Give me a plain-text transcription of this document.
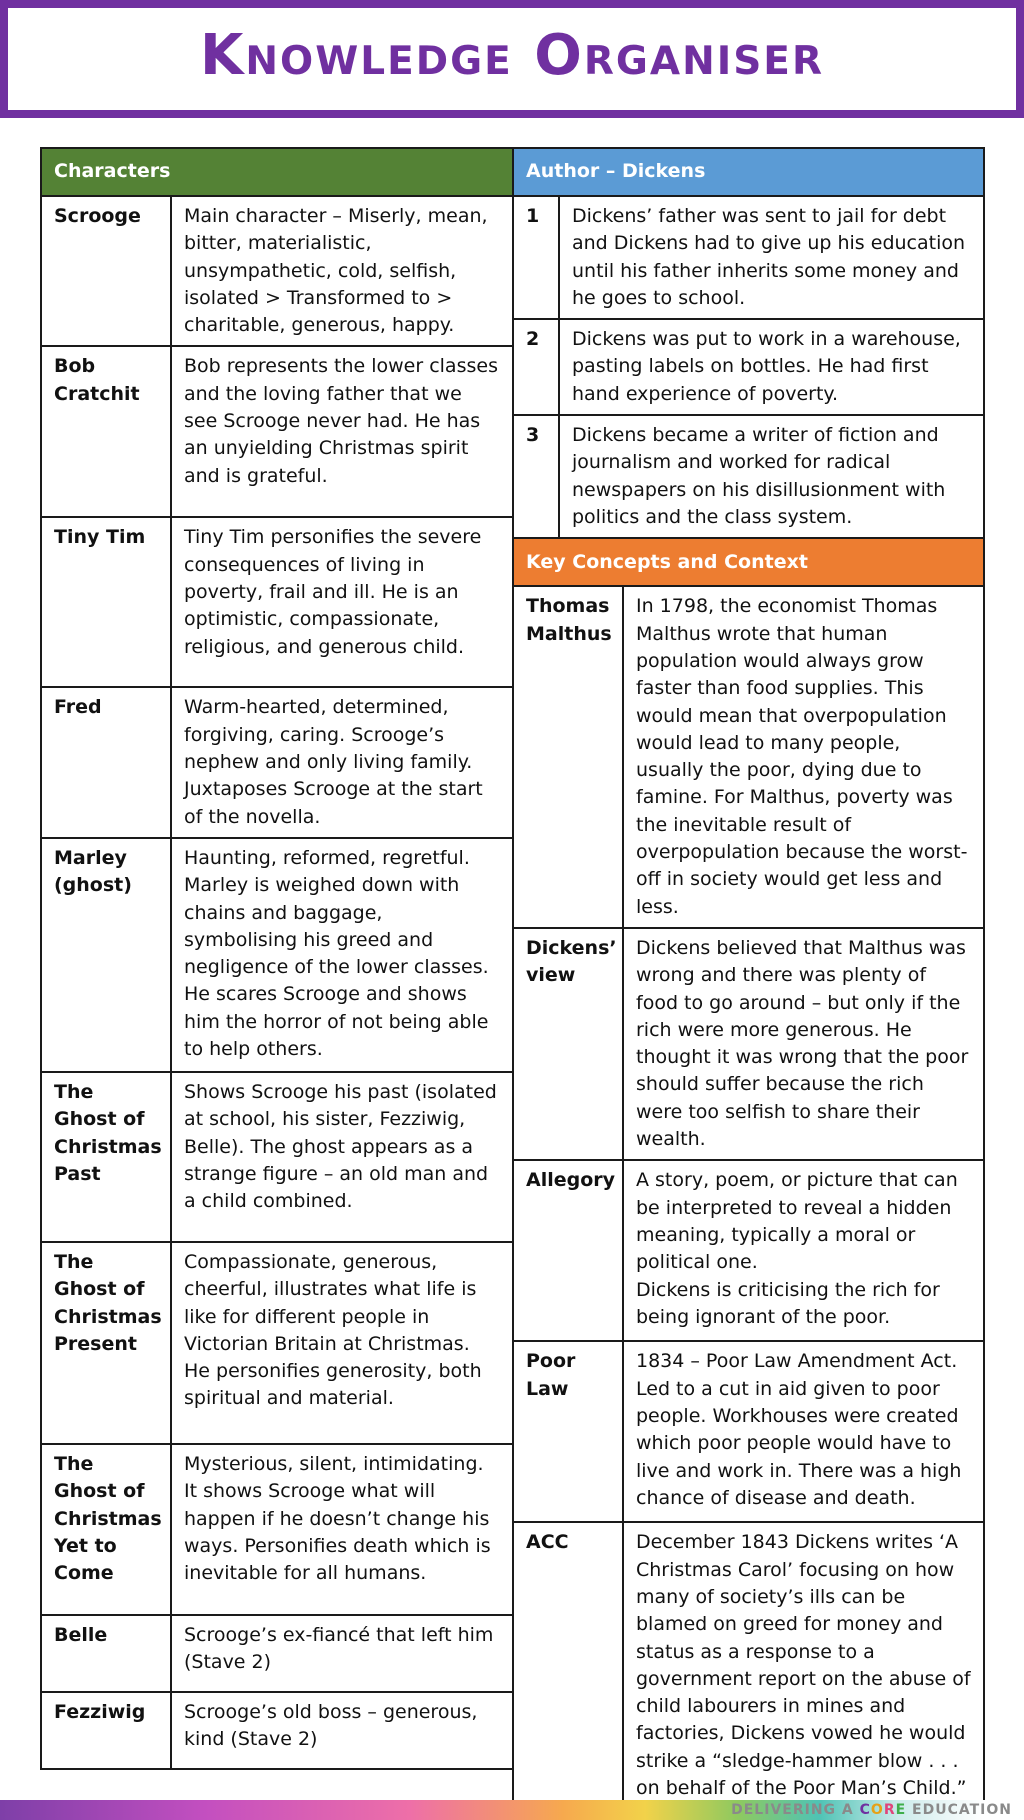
Knowledge Organiser
Characters	
Scrooge	Main character – Miserly, mean, bitter, materialistic, unsympathetic, cold, selfish, isolated > Transformed to > charitable, generous, happy.
Bob Cratchit	Bob represents the lower classes and the loving father that we see Scrooge never had. He has an unyielding Christmas spirit and is grateful.
Tiny Tim	Tiny Tim personifies the severe consequences of living in poverty, frail and ill. He is an optimistic, compassionate, religious, and generous child.
Fred	Warm-hearted, determined, forgiving, caring. Scrooge’s nephew and only living family. Juxtaposes Scrooge at the start of the novella.
Marley (ghost)	Haunting, reformed, regretful. Marley is weighed down with chains and baggage, symbolising his greed and negligence of the lower classes. He scares Scrooge and shows him the horror of not being able to help others.
The Ghost of Christmas Past	Shows Scrooge his past (isolated at school, his sister, Fezziwig, Belle). The ghost appears as a strange figure – an old man and a child combined.
The Ghost of Christmas Present	Compassionate, generous, cheerful, illustrates what life is like for different people in Victorian Britain at Christmas. He personifies generosity, both spiritual and material.
The Ghost of Christmas Yet to Come	Mysterious, silent, intimidating. It shows Scrooge what will happen if he doesn’t change his ways. Personifies death which is inevitable for all humans.
Belle	Scrooge’s ex-fiancé that left him (Stave 2)
Fezziwig	Scrooge’s old boss – generous, kind (Stave 2)
Author – Dickens		
1	Dickens’ father was sent to jail for debt and Dickens had to give up his education until his father inherits some money and he goes to school.	
2	Dickens was put to work in a warehouse, pasting labels on bottles. He had first hand experience of poverty.	
3	Dickens became a writer of fiction and journalism and worked for radical newspapers on his disillusionment with politics and the class system.	
Key Concepts and Context		
Thomas Malthus		In 1798, the economist Thomas Malthus wrote that human population would always grow faster than food supplies. This would mean that overpopulation would lead to many people, usually the poor, dying due to famine. For Malthus, poverty was the inevitable result of overpopulation because the worst-off in society would get less and less.
Dickens’ view		Dickens believed that Malthus was wrong and there was plenty of food to go around – but only if the rich were more generous. He thought it was wrong that the poor should suffer because the rich were too selfish to share their wealth.
Allegory		A story, poem, or picture that can be interpreted to reveal a hidden meaning, typically a moral or political one.
Dickens is criticising the rich for being ignorant of the poor.

Poor Law		1834 – Poor Law Amendment Act. Led to a cut in aid given to poor people. Workhouses were created which poor people would have to live and work in. There was a high chance of disease and death.
ACC		December 1843 Dickens writes ‘A Christmas Carol’ focusing on how many of society’s ills can be blamed on greed for money and status as a response to a government report on the abuse of child labourers in mines and factories, Dickens vowed he would strike a “sledge-hammer blow . . . on behalf of the Poor Man’s Child.”
DELIVERING A CORE EDUCATION
